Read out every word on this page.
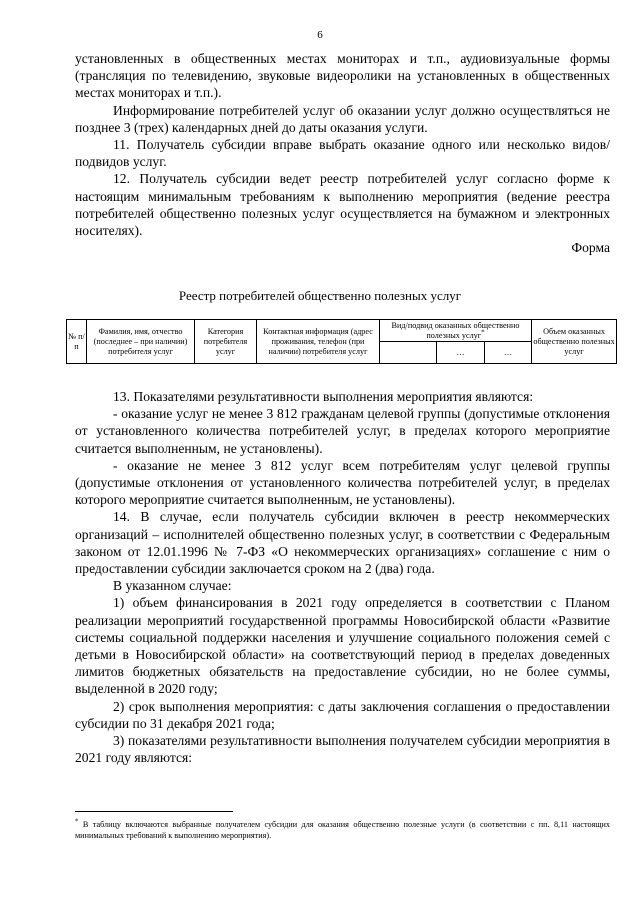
6

установленных в общественных местах мониторах и т.п., аудиовизуальные формы (трансляция по телевидению, звуковые видеоролики на установленных в общественных местах мониторах и т.п.).

Информирование потребителей услуг об оказании услуг должно осуществляться не позднее 3 (трех) календарных дней до даты оказания услуги.

11. Получатель субсидии вправе выбрать оказание одного или несколько видов/подвидов услуг.

12. Получатель субсидии ведет реестр потребителей услуг согласно форме к настоящим минимальным требованиям к выполнению мероприятия (ведение реестра потребителей общественно полезных услуг осуществляется на бумажном и электронных носителях).

Форма

Реестр потребителей общественно полезных услуг
№ п/п	Фамилия, имя, отчество (последнее – при наличии) потребителя услуг	Категория потребителя услуг	Контактная информация (адрес проживания, телефон (при наличии) потребителя услуг	Вид/подвид оказанных общественно полезных услуг*			Объем оказанных общественно полезных услуг
					…	…	

13. Показателями результативности выполнения мероприятия являются:

- оказание услуг не менее 3 812 гражданам целевой группы (допустимые отклонения от установленного количества потребителей услуг, в пределах которого мероприятие считается выполненным, не установлены).

- оказание не менее 3 812 услуг всем потребителям услуг целевой группы (допустимые отклонения от установленного количества потребителей услуг, в пределах которого мероприятие считается выполненным, не установлены).

14. В случае, если получатель субсидии включен в реестр некоммерческих организаций – исполнителей общественно полезных услуг, в соответствии с Федеральным законом от 12.01.1996 № 7-ФЗ «О некоммерческих организациях» соглашение с ним о предоставлении субсидии заключается сроком на 2 (два) года.

В указанном случае:

1) объем финансирования в 2021 году определяется в соответствии с Планом реализации мероприятий государственной программы Новосибирской области «Развитие системы социальной поддержки населения и улучшение социального положения семей с детьми в Новосибирской области» на соответствующий период в пределах доведенных лимитов бюджетных обязательств на предоставление субсидии, но не более суммы, выделенной в 2020 году;

2) срок выполнения мероприятия: с даты заключения соглашения о предоставлении субсидии по 31 декабря 2021 года;

3) показателями результативности выполнения получателем субсидии мероприятия в 2021 году являются:

* В таблицу включаются выбранные получателем субсидии для оказания общественно полезные услуги (в соответствии с пп. 8,11 настоящих минимальных требований к выполнению мероприятия).
